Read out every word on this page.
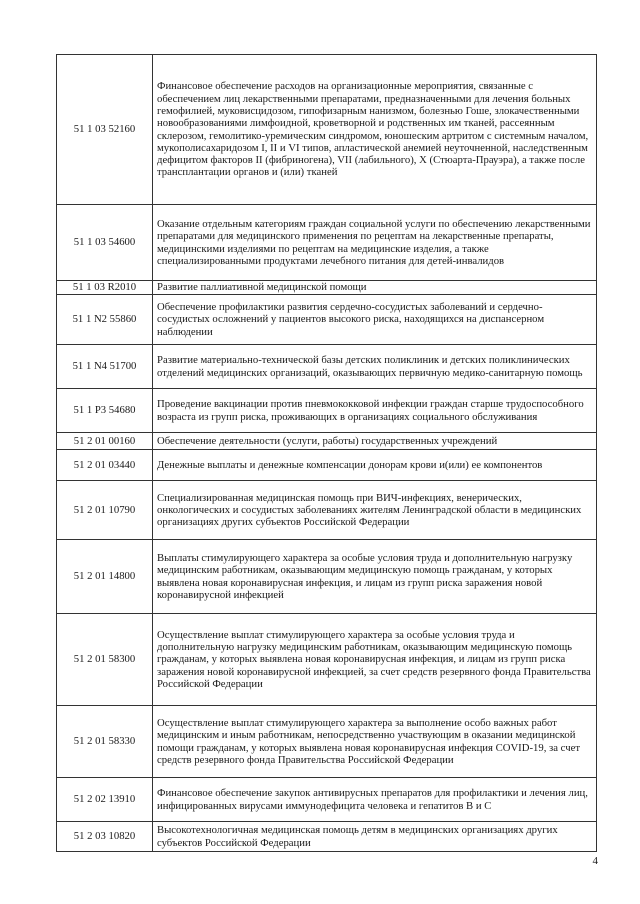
51 1 03 52160	Финансовое обеспечение расходов на организационные мероприятия, связанные с обеспечением лиц лекарственными препаратами, предназначенными для лечения больных гемофилией, муковисцидозом, гипофизарным нанизмом, болезнью Гоше, злокачественными новообразованиями лимфоидной, кроветворной и родственных им тканей, рассеянным склерозом, гемолитико-уремическим синдромом, юношеским артритом с системным началом, мукополисахаридозом I, II и VI типов, апластической анемией неуточненной, наследственным дефицитом факторов II (фибриногена), VII (лабильного), X (Стюарта-Прауэра), а также после трансплантации органов и (или) тканей
51 1 03 54600	Оказание отдельным категориям граждан социальной услуги по обеспечению лекарственными препаратами для медицинского применения по рецептам на лекарственные препараты, медицинскими изделиями по рецептам на медицинские изделия, а также специализированными продуктами лечебного питания для детей-инвалидов
51 1 03 R2010	Развитие паллиативной медицинской помощи
51 1 N2 55860	Обеспечение профилактики развития сердечно-сосудистых заболеваний и сердечно-сосудистых осложнений у пациентов высокого риска, находящихся на диспансерном наблюдении
51 1 N4 51700	Развитие материально-технической базы детских поликлиник и детских поликлинических отделений медицинских организаций, оказывающих первичную медико-санитарную помощь
51 1 P3 54680	Проведение вакцинации против пневмококковой инфекции граждан старше трудоспособного возраста из групп риска, проживающих в организациях социального обслуживания
51 2 01 00160	Обеспечение деятельности (услуги, работы) государственных учреждений
51 2 01 03440	Денежные выплаты и денежные компенсации донорам крови и(или) ее компонентов
51 2 01 10790	Специализированная медицинская помощь при ВИЧ-инфекциях, венерических, онкологических и сосудистых заболеваниях жителям Ленинградской области в медицинских организациях других субъектов Российской Федерации
51 2 01 14800	Выплаты стимулирующего характера за особые условия труда и дополнительную нагрузку медицинским работникам, оказывающим медицинскую помощь гражданам, у которых выявлена новая коронавирусная инфекция, и лицам из групп риска заражения новой коронавирусной инфекцией
51 2 01 58300	Осуществление выплат стимулирующего характера за особые условия труда и дополнительную нагрузку медицинским работникам, оказывающим медицинскую помощь гражданам, у которых выявлена новая коронавирусная инфекция, и лицам из групп риска заражения новой коронавирусной инфекцией, за счет средств резервного фонда Правительства Российской Федерации
51 2 01 58330	Осуществление выплат стимулирующего характера за выполнение особо важных работ медицинским и иным работникам, непосредственно участвующим в оказании медицинской помощи гражданам, у которых выявлена новая коронавирусная инфекция COVID-19, за счет средств резервного фонда Правительства Российской Федерации
51 2 02 13910	Финансовое обеспечение закупок антивирусных препаратов для профилактики и лечения лиц, инфицированных вирусами иммунодефицита человека и гепатитов В и С
51 2 03 10820	Высокотехнологичная медицинская помощь детям в медицинских организациях других субъектов Российской Федерации
4
